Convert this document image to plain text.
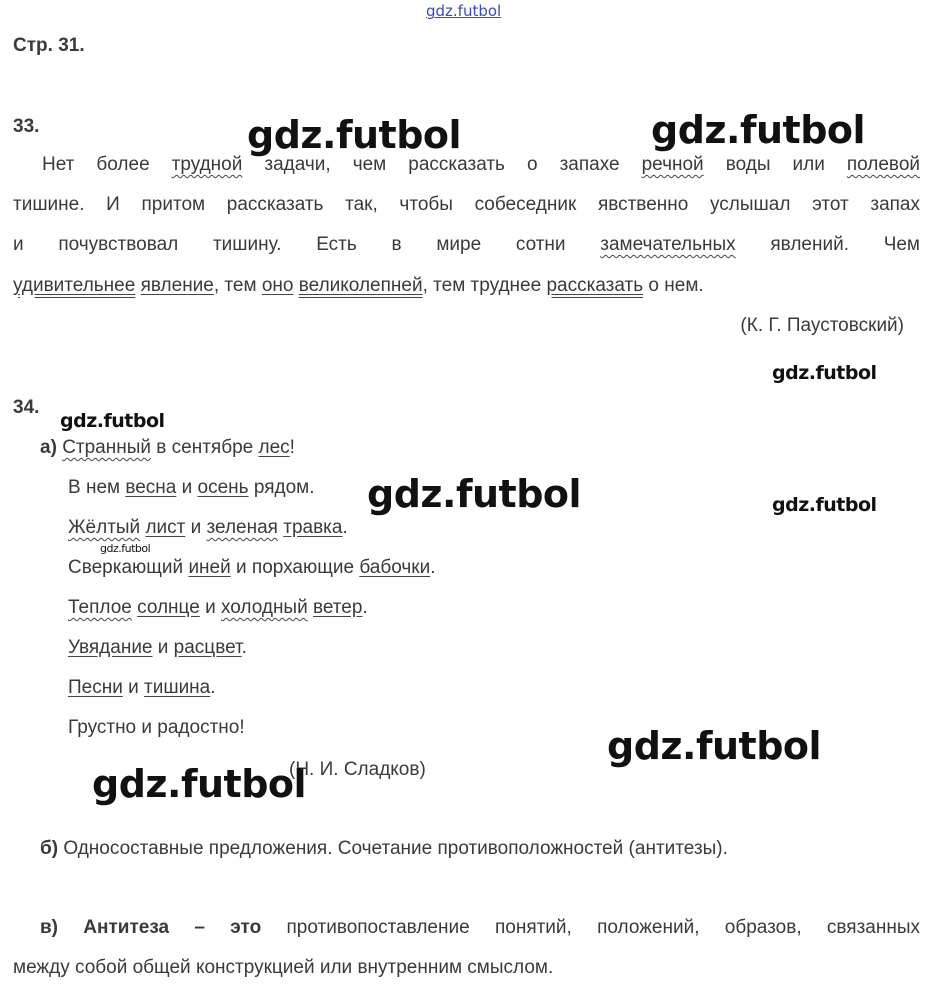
gdz.futbol
Стр. 31.
33.
Нет более трудной задачи, чем рассказать о запахе речной воды или полевой
тишине. И притом рассказать так, чтобы собеседник явственно услышал этот запах
и почувствовал тишину. Есть в мире сотни замечательных явлений. Чем
удивительнее явление, тем оно великолепней, тем труднее рассказать о нем.
(К. Г. Паустовский)
34.
а) Странный в сентябре лес!
В нем весна и осень рядом.
Жёлтый лист и зеленая травка.
Сверкающий иней и порхающие бабочки.
Теплое солнце и холодный ветер.
Увядание и расцвет.
Песни и тишина.
Грустно и радостно!
(Н. И. Сладков)
б) Односоставные предложения. Сочетание противоположностей (антитезы).
в) Антитеза – это противопоставление понятий, положений, образов, связанных
между собой общей конструкцией или внутренним смыслом.
gdz.futbol	gdz.futbol
gdz.futbol
gdz.futbol
gdz.futbol	gdz.futbol
gdz.futbol
gdz.futbol
gdz.futbol
